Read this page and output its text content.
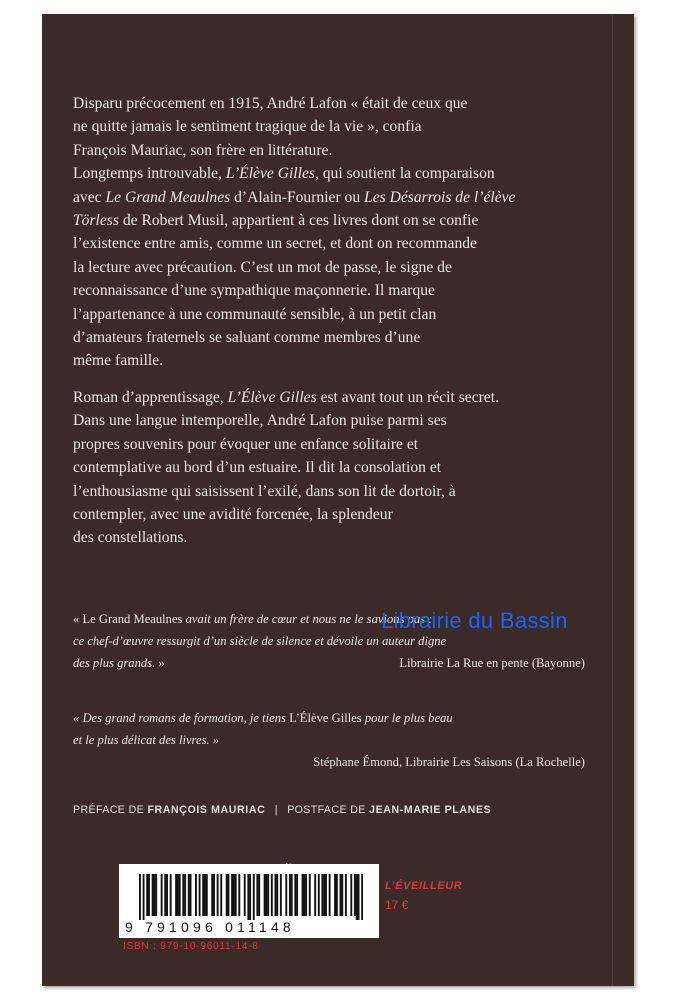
Disparu précocement en 1915, André Lafon « était de ceux que
ne quitte jamais le sentiment tragique de la vie », confia
François Mauriac, son frère en littérature.
Longtemps introuvable, L’Élève Gilles, qui soutient la comparaison
avec Le Grand Meaulnes d’Alain-Fournier ou Les Désarrois de l’élève
Törless de Robert Musil, appartient à ces livres dont on se confie
l’existence entre amis, comme un secret, et dont on recommande
la lecture avec précaution. C’est un mot de passe, le signe de
reconnaissance d’une sympathique maçonnerie. Il marque
l’appartenance à une communauté sensible, à un petit clan
d’amateurs fraternels se saluant comme membres d’une
même famille.

Roman d’apprentissage, L’Élève Gilles est avant tout un récit secret.
Dans une langue intemporelle, André Lafon puise parmi ses
propres souvenirs pour évoquer une enfance solitaire et
contemplative au bord d’un estuaire. Il dit la consolation et
l’enthousiasme qui saisissent l’exilé, dans son lit de dortoir, à
contempler, avec une avidité forcenée, la splendeur
des constellations.

« Le Grand Meaulnes avait un frère de cœur et nous ne le savions pas :
ce chef-d’œuvre ressurgit d’un siècle de silence et dévoile un auteur digne
des plus grands. »	Librairie La Rue en pente (Bayonne)
« Des grand romans de formation, je tiens L’Élève Gilles pour le plus beau
et le plus délicat des livres. »
Stéphane Émond, Librairie Les Saisons (La Rochelle)
PRÉFACE DE FRANÇOIS MAURIAC | POSTFACE DE JEAN-MARIE PLANES
9 791096 011148
ISBN : 979-10-96011-14-8
L’ÉVEILLEUR
17 €
Librairie du Bassin
